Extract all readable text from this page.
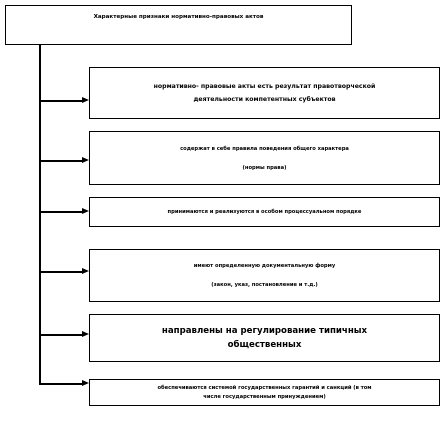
Характерные признаки нормативно-правовых актов
нормативно- правовые акты есть результат правотворческой
деятельности компетентных субъектов
содержат в себе правила поведения общего характера
(нормы права)
принимаются и реализуются в особом процессуальном порядке
имеют определенную документальную форму
(закон, указ, постановление и т.д.)
направлены на регулирование типичных
общественных
обеспечиваются системой государственных гарантий и санкций (в том
числе государственным принуждением)
